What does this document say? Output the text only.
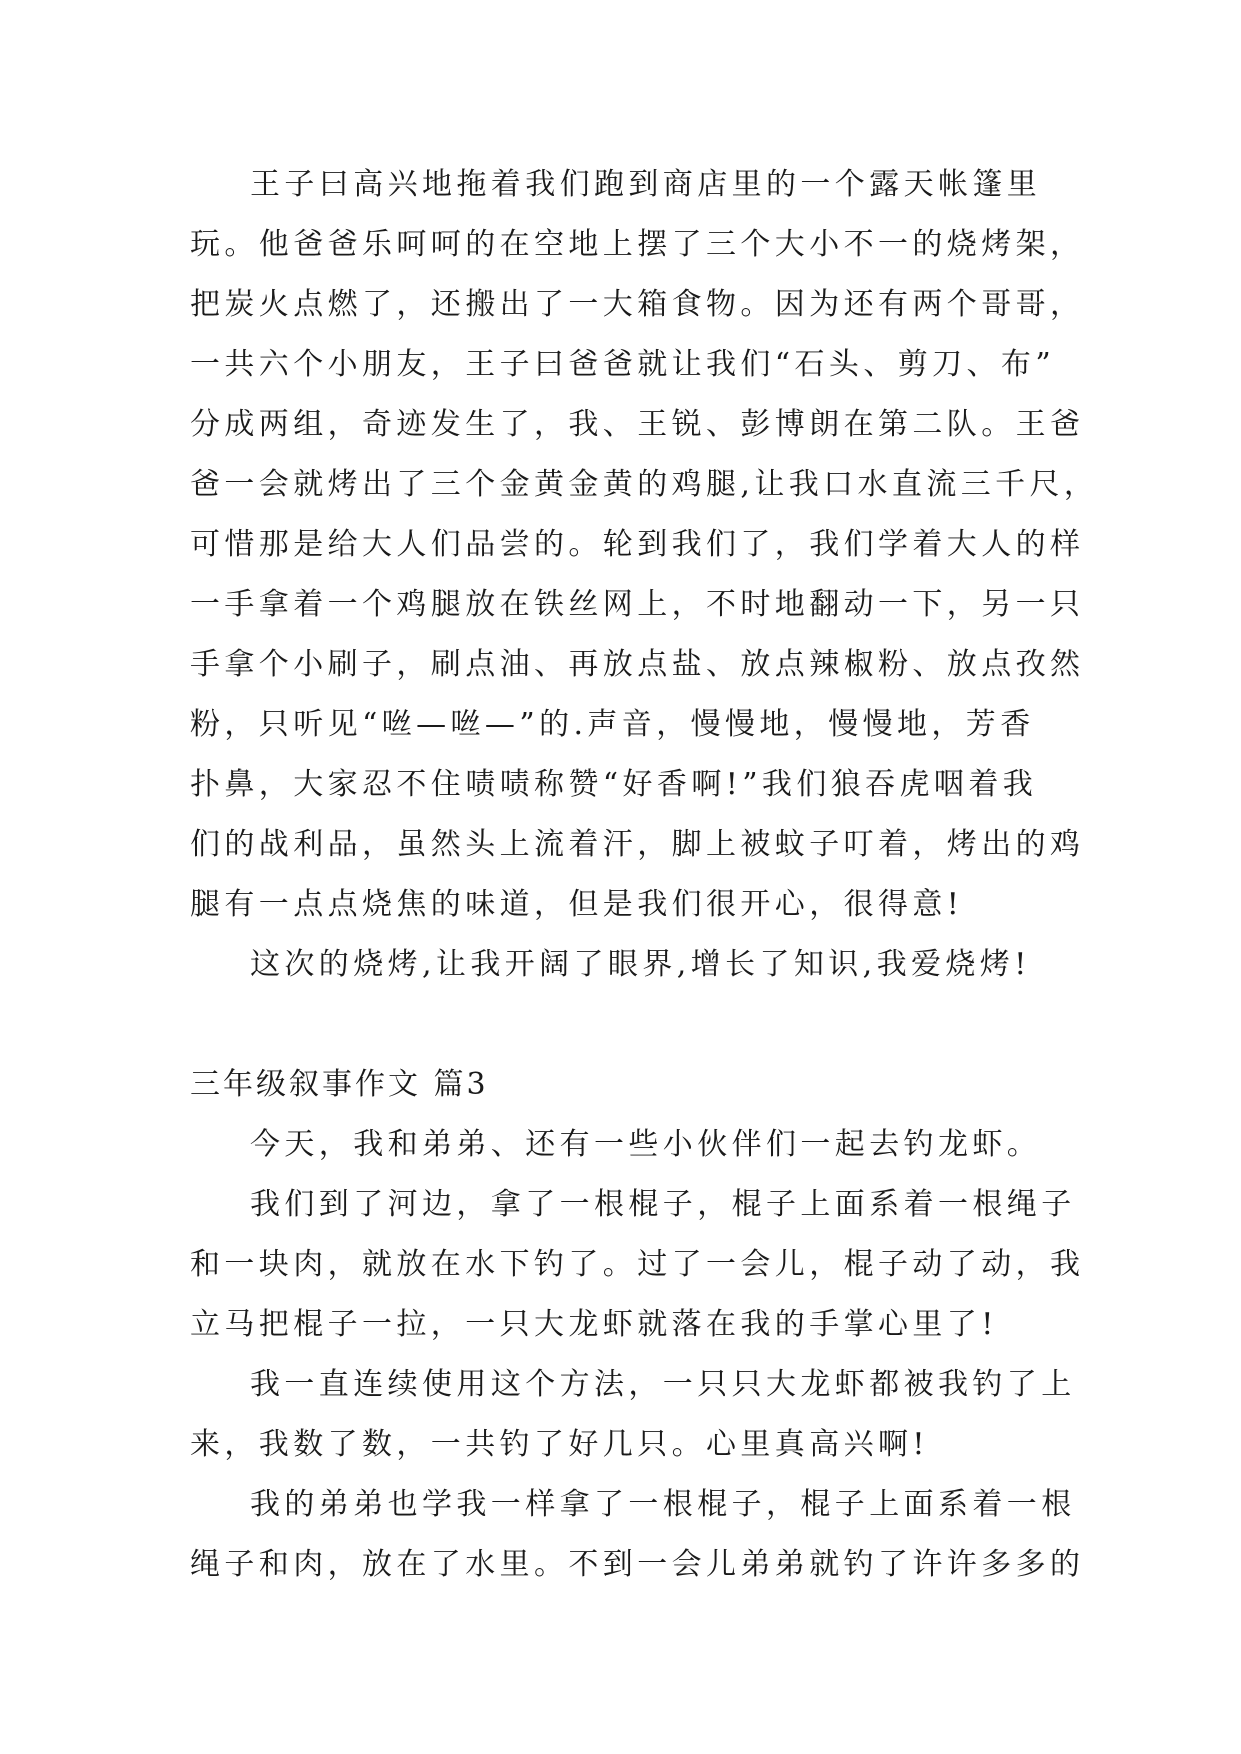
王子曰高兴地拖着我们跑到商店里的一个露天帐篷里
玩。他爸爸乐呵呵的在空地上摆了三个大小不一的烧烤架，
把炭火点燃了，还搬出了一大箱食物。因为还有两个哥哥，
一共六个小朋友，王子曰爸爸就让我们“石头、剪刀、布”
分成两组，奇迹发生了，我、王锐、彭博朗在第二队。王爸
爸一会就烤出了三个金黄金黄的鸡腿,让我口水直流三千尺，
可惜那是给大人们品尝的。轮到我们了，我们学着大人的样
一手拿着一个鸡腿放在铁丝网上，不时地翻动一下，另一只
手拿个小刷子，刷点油、再放点盐、放点辣椒粉、放点孜然
粉，只听见“咝—咝—”的.声音，慢慢地，慢慢地，芳香
扑鼻，大家忍不住啧啧称赞“好香啊!”我们狼吞虎咽着我
们的战利品，虽然头上流着汗，脚上被蚊子叮着，烤出的鸡
腿有一点点烧焦的味道，但是我们很开心，很得意!
这次的烧烤,让我开阔了眼界,增长了知识,我爱烧烤!
三年级叙事作文 篇3
今天，我和弟弟、还有一些小伙伴们一起去钓龙虾。
我们到了河边，拿了一根棍子，棍子上面系着一根绳子
和一块肉，就放在水下钓了。过了一会儿，棍子动了动，我
立马把棍子一拉，一只大龙虾就落在我的手掌心里了!
我一直连续使用这个方法，一只只大龙虾都被我钓了上
来，我数了数，一共钓了好几只。心里真高兴啊!
我的弟弟也学我一样拿了一根棍子，棍子上面系着一根
绳子和肉，放在了水里。不到一会儿弟弟就钓了许许多多的
